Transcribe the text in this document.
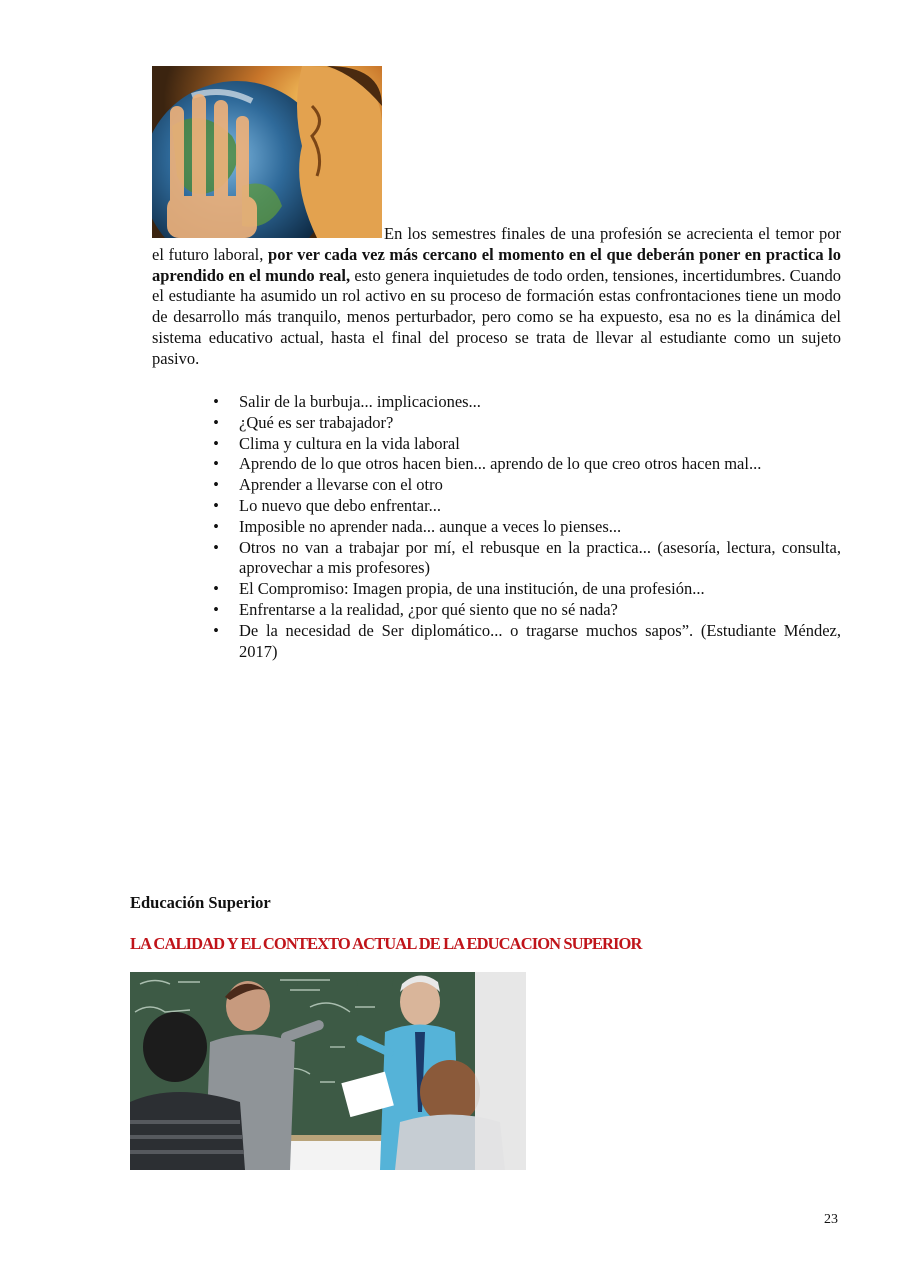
En los semestres finales de una profesión se acrecienta el temor por el futuro laboral, por ver cada vez más cercano el momento en el que deberán poner en practica lo aprendido en el mundo real, esto genera inquietudes de todo orden, tensiones, incertidumbres. Cuando el estudiante ha asumido un rol activo en su proceso de formación estas confrontaciones tiene un modo de desarrollo más tranquilo, menos perturbador, pero como se ha expuesto, esa no es la dinámica del sistema educativo actual, hasta el final del proceso se trata de llevar al estudiante como un sujeto pasivo.

• Salir de la burbuja... implicaciones...
• ¿Qué es ser trabajador?
• Clima y cultura en la vida laboral
• Aprendo de lo que otros hacen bien... aprendo de lo que creo otros hacen mal...
• Aprender a llevarse con el otro
• Lo nuevo que debo enfrentar...
• Imposible no aprender nada... aunque a veces lo pienses...
• Otros no van a trabajar por mí, el rebusque en la practica... (asesoría, lectura, consulta, aprovechar a mis profesores)
• El Compromiso: Imagen propia, de una institución, de una profesión...
• Enfrentarse a la realidad, ¿por qué siento que no sé nada?
• De la necesidad de Ser diplomático... o tragarse muchos sapos”. (Estudiante Méndez, 2017)
Educación Superior
LA CALIDAD Y EL CONTEXTO ACTUAL DE LA EDUCACION SUPERIOR
23
